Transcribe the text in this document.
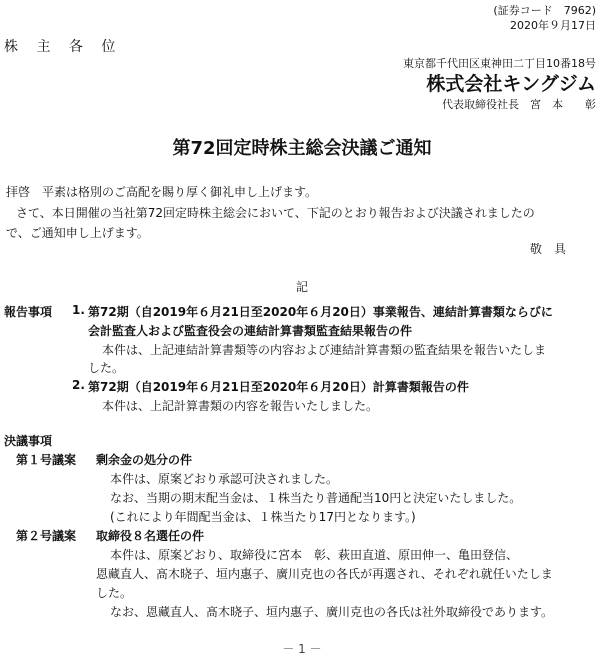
(証券コード　7962)
2020年９月17日
株 主 各 位
東京都千代田区東神田二丁目10番18号
株式会社キングジム
代表取締役社長　宮　本　　彰
第72回定時株主総会決議ご通知
拝啓　平素は格別のご高配を賜り厚く御礼申し上げます。
さて、本日開催の当社第72回定時株主総会において、下記のとおり報告および決議されましたの
で、ご通知申し上げます。
敬　具
記
報告事項 1. 第72期（自2019年６月21日至2020年６月20日）事業報告、連結計算書類ならびに
会計監査人および監査役会の連結計算書類監査結果報告の件
本件は、上記連結計算書類等の内容および連結計算書類の監査結果を報告いたしま
した。
2. 第72期（自2019年６月21日至2020年６月20日）計算書類報告の件
本件は、上記計算書類の内容を報告いたしました。
決議事項
第１号議案 剰余金の処分の件
本件は、原案どおり承認可決されました。
なお、当期の期末配当金は、１株当たり普通配当10円と決定いたしました。
(これにより年間配当金は、１株当たり17円となります。)
第２号議案 取締役８名選任の件
本件は、原案どおり、取締役に宮本　彰、萩田直道、原田伸一、亀田登信、
恩藏直人、髙木晓子、垣内惠子、廣川克也の各氏が再選され、それぞれ就任いたしま
した。
なお、恩藏直人、髙木晓子、垣内惠子、廣川克也の各氏は社外取締役であります。
－ 1 －
